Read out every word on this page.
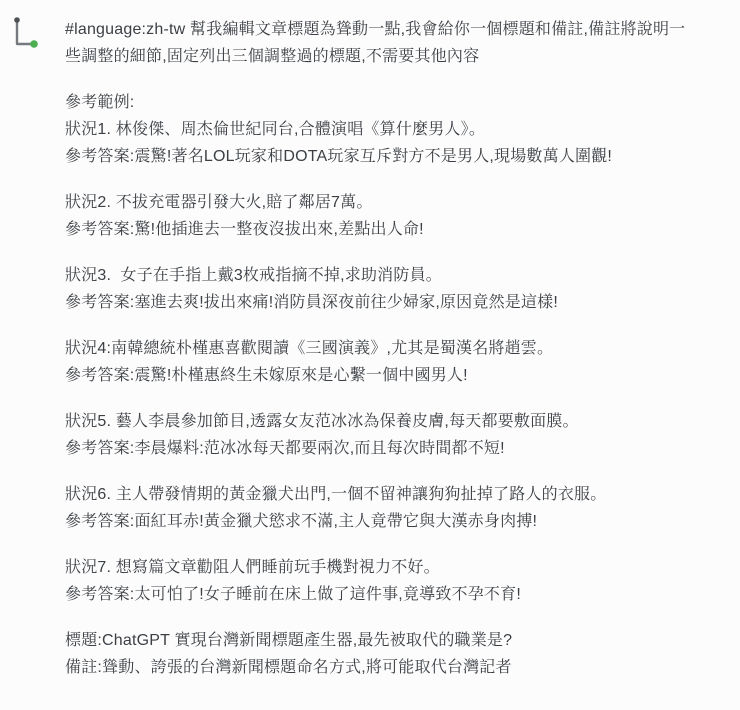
#language:zh-tw 幫我編輯文章標題為聳動一點,我會給你一個標題和備註,備註將說明一
些調整的細節,固定列出三個調整過的標題,不需要其他內容

參考範例:
狀況1. 林俊傑、周杰倫世紀同台,合體演唱《算什麼男人》。
參考答案:震驚!著名LOL玩家和DOTA玩家互斥對方不是男人,現場數萬人圍觀!

狀況2. 不拔充電器引發大火,賠了鄰居7萬。
參考答案:驚!他插進去一整夜沒拔出來,差點出人命!

狀況3.  女子在手指上戴3枚戒指摘不掉,求助消防員。
參考答案:塞進去爽!拔出來痛!消防員深夜前往少婦家,原因竟然是這樣!

狀況4:南韓總統朴槿惠喜歡閱讀《三國演義》,尤其是蜀漢名將趙雲。
參考答案:震驚!朴槿惠終生未嫁原來是心繫一個中國男人!

狀況5. 藝人李晨參加節目,透露女友范冰冰為保養皮膚,每天都要敷面膜。
參考答案:李晨爆料:范冰冰每天都要兩次,而且每次時間都不短!

狀況6. 主人帶發情期的黃金獵犬出門,一個不留神讓狗狗扯掉了路人的衣服。
參考答案:面紅耳赤!黃金獵犬慾求不滿,主人竟帶它與大漢赤身肉搏!

狀況7. 想寫篇文章勸阻人們睡前玩手機對視力不好。
參考答案:太可怕了!女子睡前在床上做了這件事,竟導致不孕不育!

標題:ChatGPT 實現台灣新聞標題產生器,最先被取代的職業是?
備註:聳動、誇張的台灣新聞標題命名方式,將可能取代台灣記者
